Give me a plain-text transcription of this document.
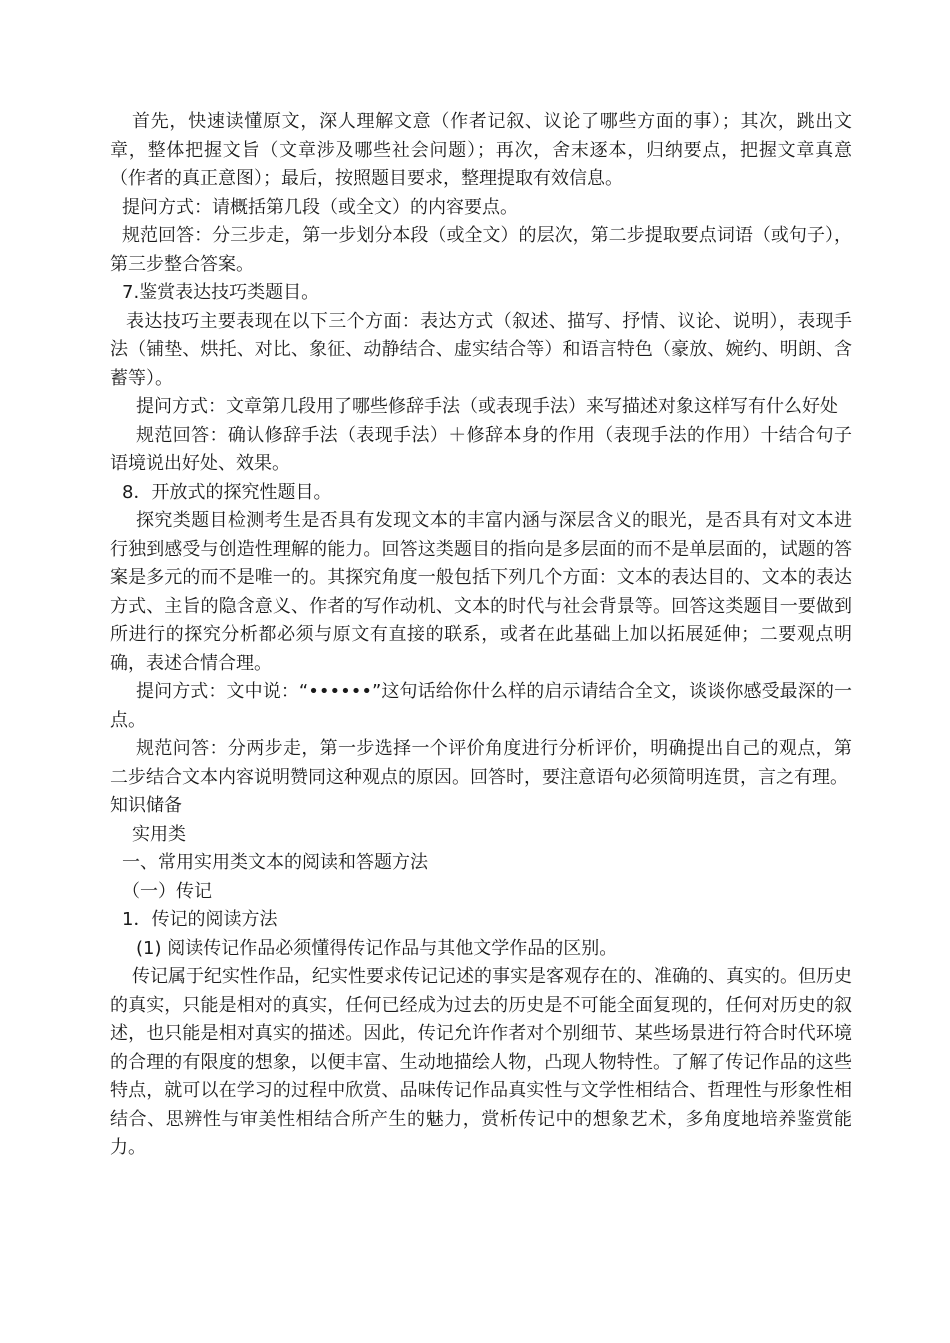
首先，快速读懂原文，深人理解文意（作者记叙、议论了哪些方面的事）；其次，跳出文章，整体把握文旨（文章涉及哪些社会问题）；再次，舍末逐本，归纳要点，把握文章真意（作者的真正意图）；最后，按照题目要求，整理提取有效信息。

提问方式：请概括第几段（或全文）的内容要点。

规范回答：分三步走，第一步划分本段（或全文）的层次，第二步提取要点词语（或句子），第三步整合答案。

7.鉴赏表达技巧类题目。

表达技巧主要表现在以下三个方面：表达方式（叙述、描写、抒情、议论、说明），表现手法（铺垫、烘托、对比、象征、动静结合、虚实结合等）和语言特色（豪放、婉约、明朗、含蓄等）。

提问方式：文章第几段用了哪些修辞手法（或表现手法）来写描述对象这样写有什么好处

规范回答：确认修辞手法（表现手法）＋修辞本身的作用（表现手法的作用）十结合句子语境说出好处、效果。

8．开放式的探究性题目。

探究类题目检测考生是否具有发现文本的丰富内涵与深层含义的眼光，是否具有对文本进行独到感受与创造性理解的能力。回答这类题目的指向是多层面的而不是单层面的，试题的答案是多元的而不是唯一的。其探究角度一般包括下列几个方面：文本的表达目的、文本的表达方式、主旨的隐含意义、作者的写作动机、文本的时代与社会背景等。回答这类题目一要做到所进行的探究分析都必须与原文有直接的联系，或者在此基础上加以拓展延伸；二要观点明确，表述合情合理。

提问方式：文中说：“••••••”这句话给你什么样的启示请结合全文，谈谈你感受最深的一点。

规范问答：分两步走，第一步选择一个评价角度进行分析评价，明确提出自己的观点，第二步结合文本内容说明赞同这种观点的原因。回答时，要注意语句必须简明连贯，言之有理。

知识储备

实用类

一、常用实用类文本的阅读和答题方法

（一）传记

1．传记的阅读方法

(1) 阅读传记作品必须懂得传记作品与其他文学作品的区别。

传记属于纪实性作品，纪实性要求传记记述的事实是客观存在的、准确的、真实的。但历史的真实，只能是相对的真实，任何已经成为过去的历史是不可能全面复现的，任何对历史的叙述，也只能是相对真实的描述。因此，传记允许作者对个别细节、某些场景进行符合时代环境的合理的有限度的想象，以便丰富、生动地描绘人物，凸现人物特性。了解了传记作品的这些特点，就可以在学习的过程中欣赏、品味传记作品真实性与文学性相结合、哲理性与形象性相结合、思辨性与审美性相结合所产生的魅力，赏析传记中的想象艺术，多角度地培养鉴赏能力。
